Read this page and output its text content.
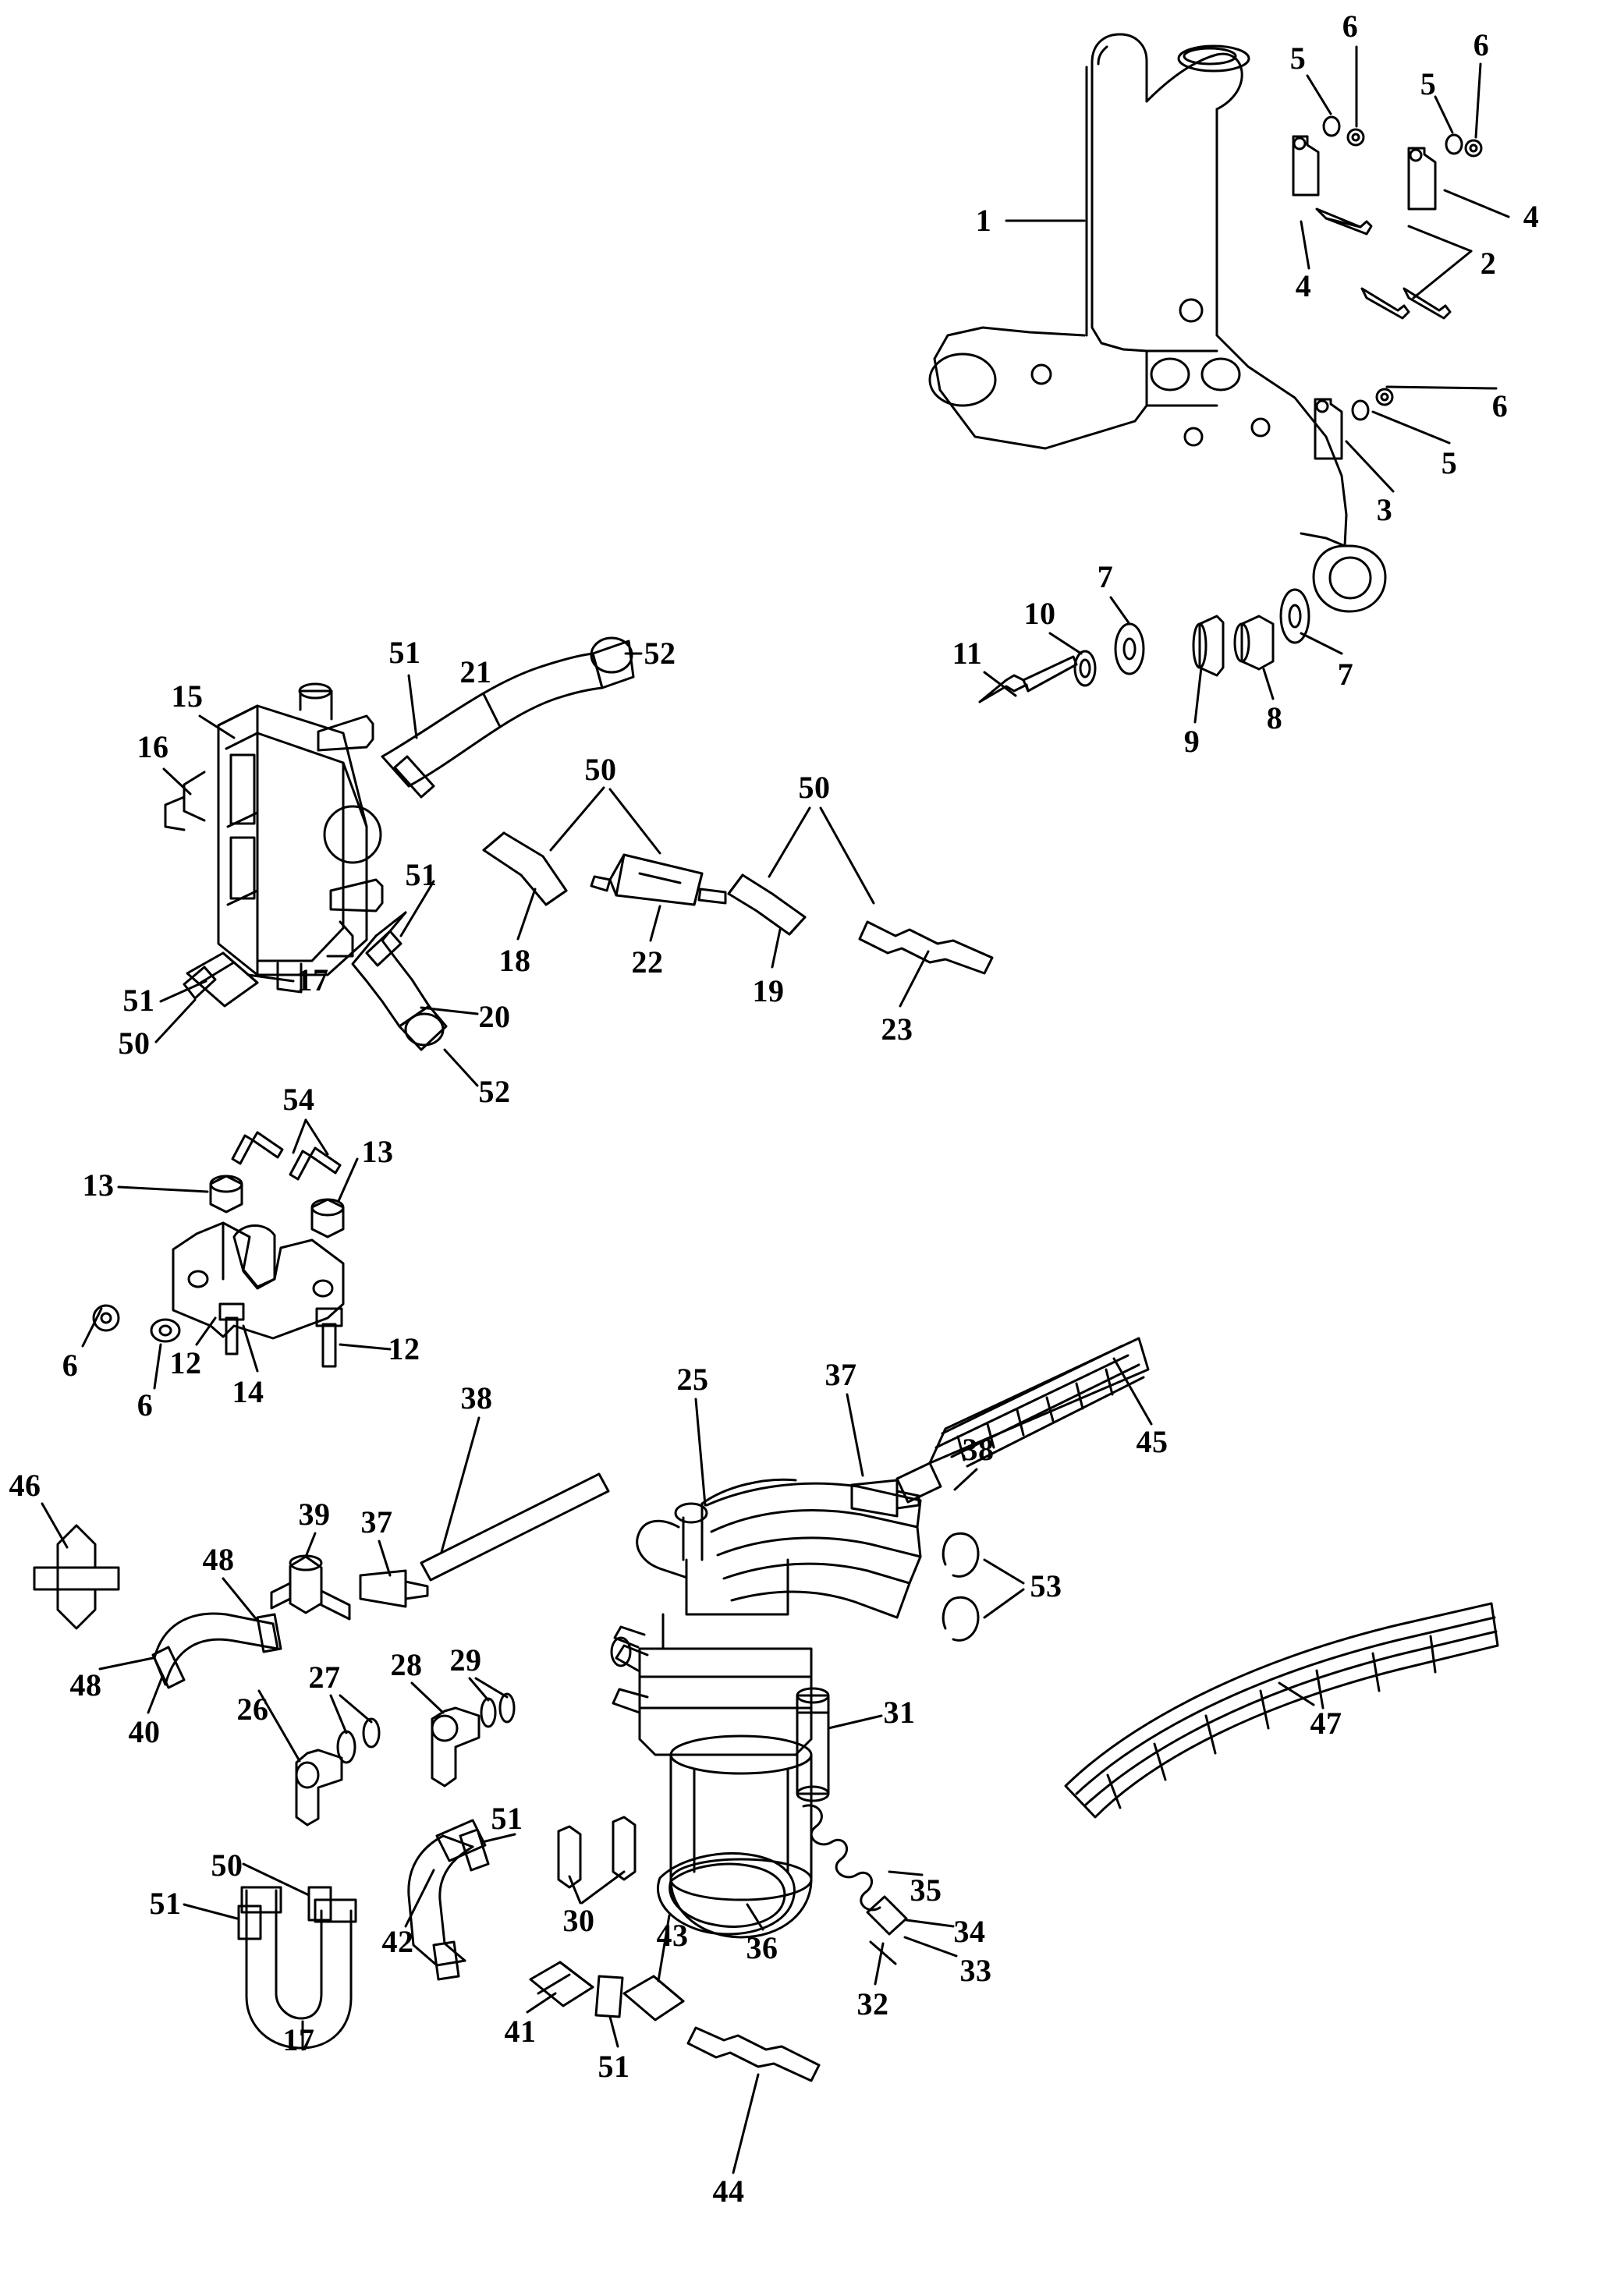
1
5
6
6
5
4
2
4
6
5
3
7
10
11
9
8
7
51
21
52
15
16
50
50
18	22
19
23
51
20
17
51
50
52
54
13
13
6
6
12
14
12
38
25	37
38	45
53
46
48
39 37
48
40
26
27 28 29
31	47
51
50
51
42
30
36
35
34
33
32
17	41
43
51
44
